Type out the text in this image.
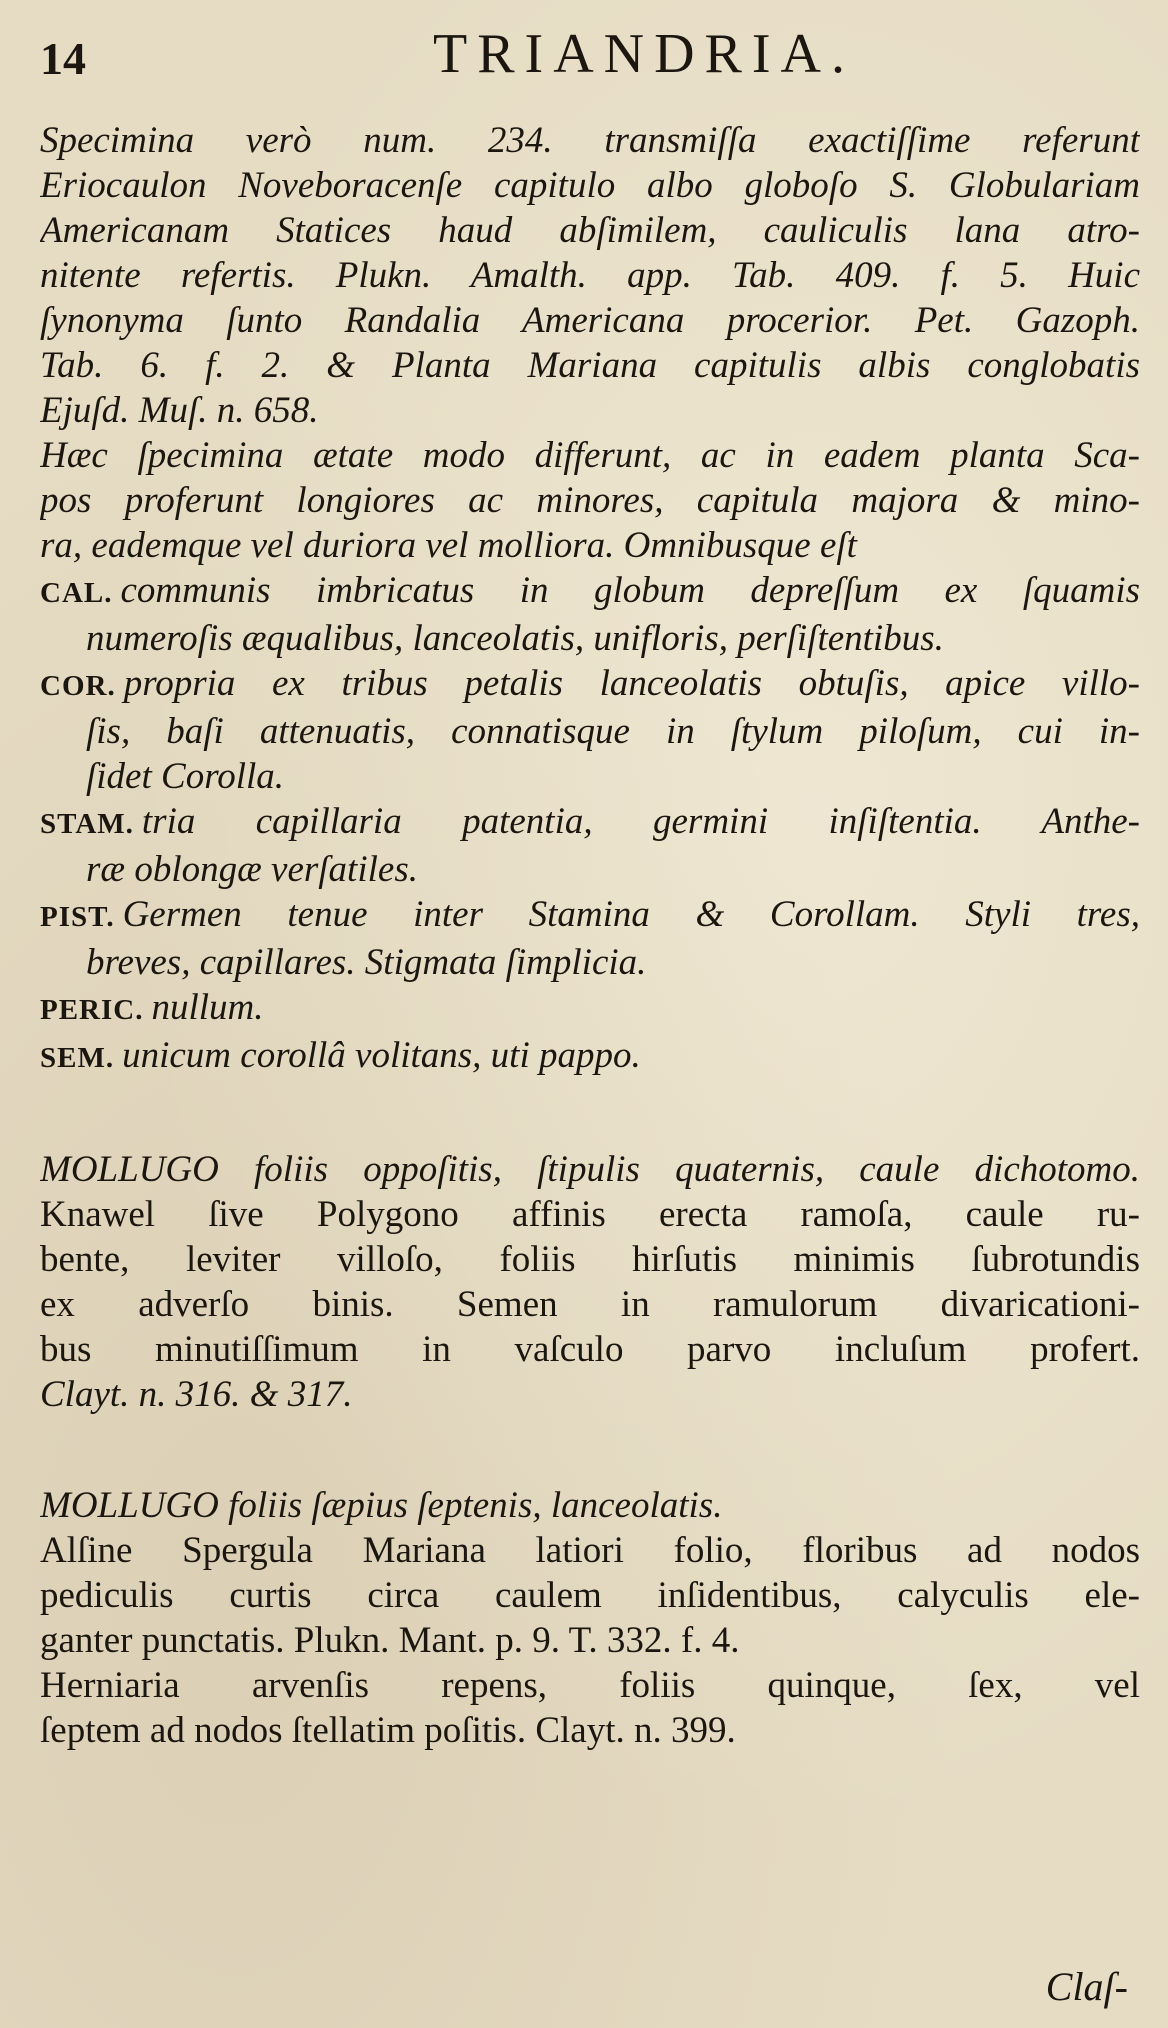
14	TRIANDRIA.

Specimina verò num. 234. transmiſſa exactiſſime referunt

Eriocaulon Noveboracenſe capitulo albo globoſo S. Globulariam

Americanam Statices haud abſimilem, cauliculis lana atro-

nitente refertis. Plukn. Amalth. app. Tab. 409. f. 5. Huic

ſynonyma ſunto Randalia Americana procerior. Pet. Gazoph.

Tab. 6. f. 2. & Planta Mariana capitulis albis conglobatis

Ejuſd. Muſ. n. 658.

Hæc ſpecimina ætate modo differunt, ac in eadem planta Sca-

pos proferunt longiores ac minores, capitula majora & mino-

ra, eademque vel duriora vel molliora. Omnibusque eſt

CAL. communis imbricatus in globum depreſſum ex ſquamis

numeroſis æqualibus, lanceolatis, unifloris, perſiſtentibus.

COR. propria ex tribus petalis lanceolatis obtuſis, apice villo-

ſis, baſi attenuatis, connatisque in ſtylum piloſum, cui in-

ſidet Corolla.

STAM. tria capillaria patentia, germini inſiſtentia. Anthe-

ræ oblongæ verſatiles.

PIST. Germen tenue inter Stamina & Corollam. Styli tres,

breves, capillares. Stigmata ſimplicia.

PERIC. nullum.

SEM. unicum corollâ volitans, uti pappo.

MOLLUGO foliis oppoſitis, ſtipulis quaternis, caule dichotomo.

Knawel ſive Polygono affinis erecta ramoſa, caule ru-

bente, leviter villoſo, foliis hirſutis minimis ſubrotundis

ex adverſo binis. Semen in ramulorum divaricationi-

bus minutiſſimum in vaſculo parvo incluſum profert.

Clayt. n. 316. & 317.

MOLLUGO foliis ſæpius ſeptenis, lanceolatis.

Alſine Spergula Mariana latiori folio, floribus ad nodos

pediculis curtis circa caulem inſidentibus, calyculis ele-

ganter punctatis. Plukn. Mant. p. 9. T. 332. f. 4.

Herniaria arvenſis repens, foliis quinque, ſex, vel

ſeptem ad nodos ſtellatim poſitis. Clayt. n. 399.

Claſ-
